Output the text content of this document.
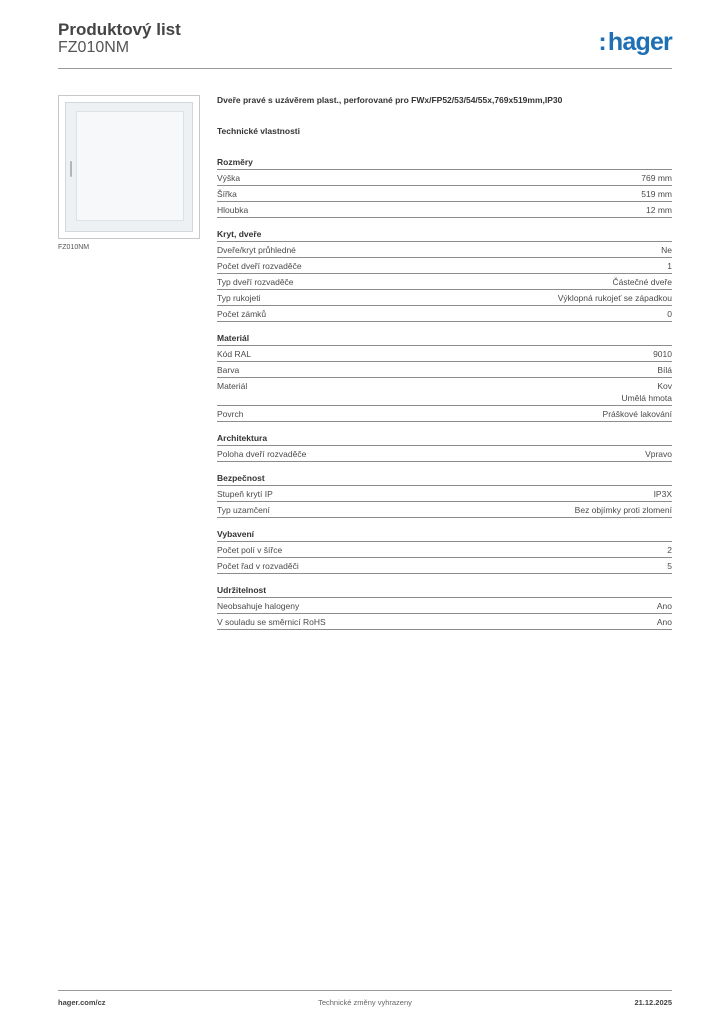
Produktový list
FZ010NM	:hager
FZ010NM
Dveře pravé s uzávěrem plast., perforované pro FWx/FP52/53/54/55x,769x519mm,IP30
Technické vlastnosti
Rozměry
Výška	769 mm
Šířka	519 mm
Hloubka	12 mm
Kryt, dveře
Dveře/kryt průhledné	Ne
Počet dveří rozvaděče	1
Typ dveří rozvaděče	Částečné dveře
Typ rukojeti	Výklopná rukojeť se západkou
Počet zámků	0
Materiál
Kód RAL	9010
Barva	Bílá
Materiál	Kov
Umělá hmota
Povrch	Práškové lakování
Architektura
Poloha dveří rozvaděče	Vpravo
Bezpečnost
Stupeň krytí IP	IP3X
Typ uzamčení	Bez objímky proti zlomení
Vybavení
Počet polí v šířce	2
Počet řad v rozvaděči	5
Udržitelnost
Neobsahuje halogeny	Ano
V souladu se směrnicí RoHS	Ano
hager.com/cz	Technické změny vyhrazeny	21.12.2025
